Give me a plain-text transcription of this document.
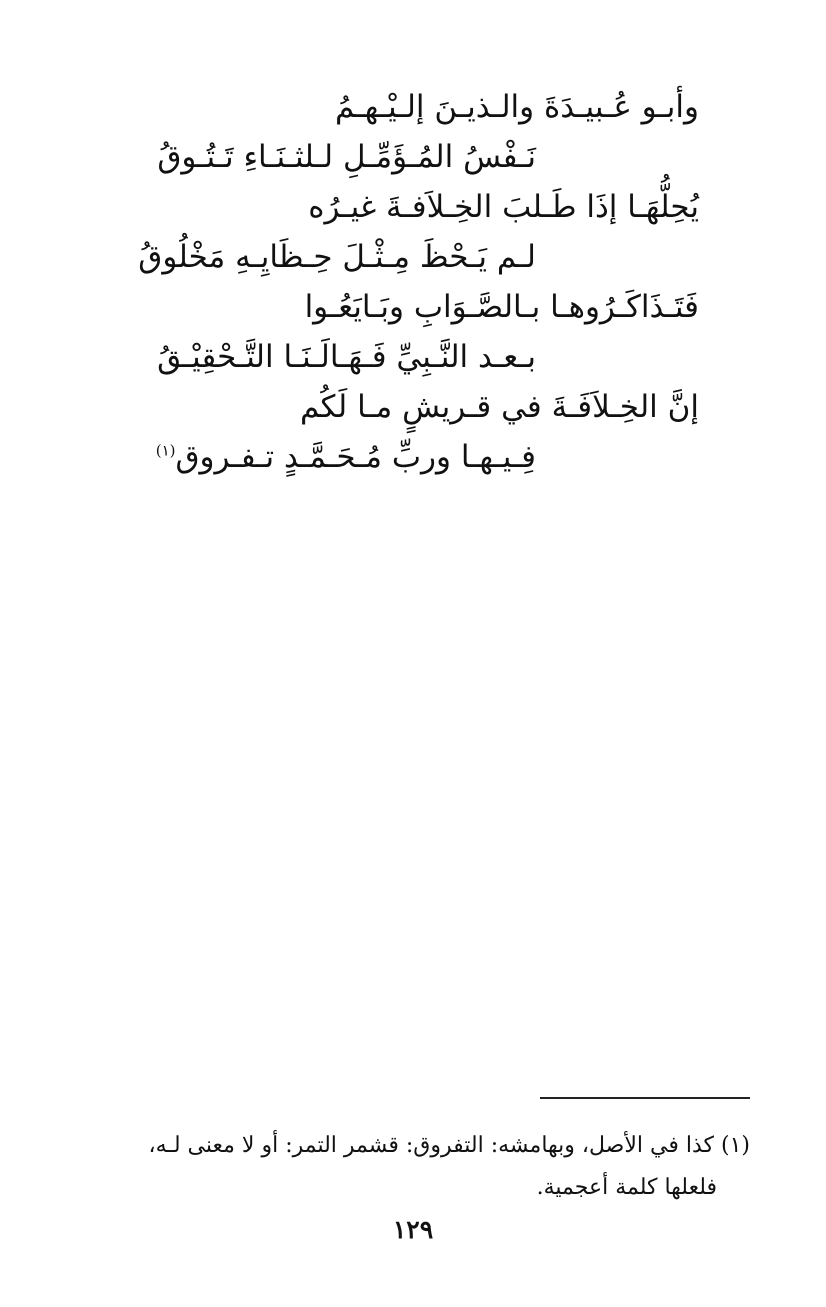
وأبـو عُـبيـدَةَ والـذيـنَ إلـيْـهـمُ
نَـفْسُ المُـؤَمِّـلِ لـلثـنَـاءِ تَـتُـوقُ
يُحِلُّهَـا إذَا طَـلبَ الخِـلاَفـةَ غيـرُه
لـم يَـحْظَ مِـثْـلَ حِـظَايِـهِ مَخْلُوقُ
فَتَـذَاكَـرُوهـا بـالصَّـوَابِ وبَـايَعُـوا
بـعـد النَّـبِيِّ فَـهَـالَـنَـا التَّـحْقِيْـقُ
إنَّ الخِـلاَفَـةَ في قـريشٍ مـا لَكُم
فِـيـهـا وربِّ مُـحَـمَّـدٍ تـفـروق$^{(١)}$
(١) كذا في الأصل، وبهامشه: التفروق: قشمر التمر: أو لا معنى لـه،
فلعلها كلمة أعجمية.
١٢٩
